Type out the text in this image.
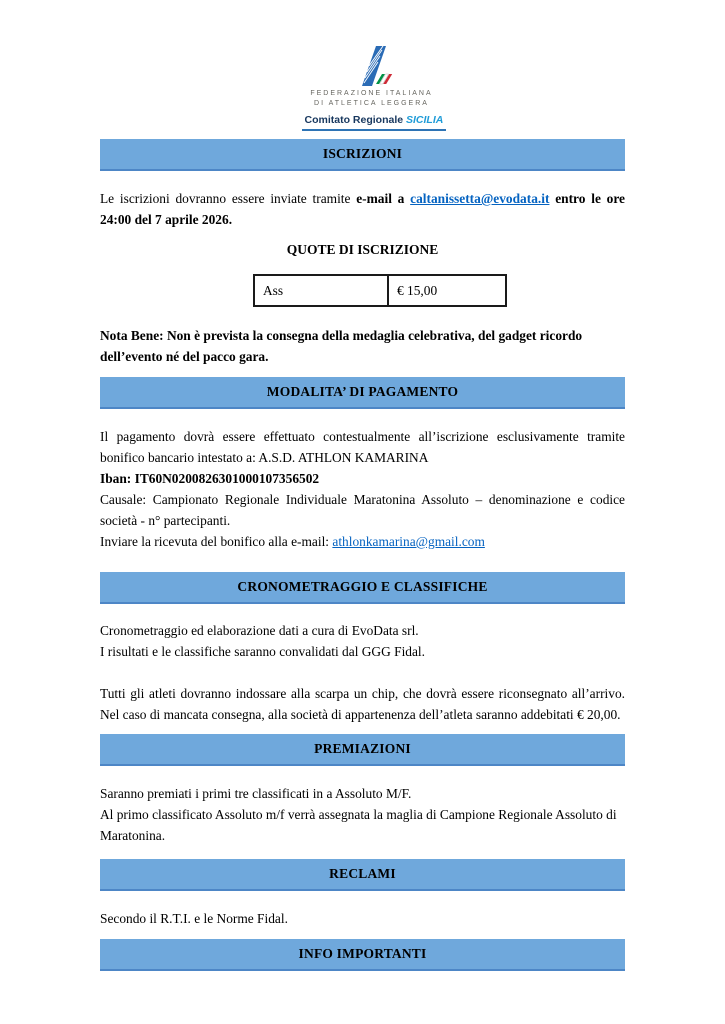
FEDERAZIONE ITALIANA
DI ATLETICA LEGGERA
Comitato Regionale SICILIA
ISCRIZIONI

Le iscrizioni dovranno essere inviate tramite e-mail a caltanissetta@evodata.it entro le ore 24:00 del 7 aprile 2026.

QUOTE DI ISCRIZIONE
Ass	€ 15,00

Nota Bene: Non è prevista la consegna della medaglia celebrativa, del gadget ricordo dell’evento né del pacco gara.

MODALITA’ DI PAGAMENTO

Il pagamento dovrà essere effettuato contestualmente all’iscrizione esclusivamente tramite bonifico bancario intestato a: A.S.D. ATHLON KAMARINA
Iban: IT60N0200826301000107356502
Causale: Campionato Regionale Individuale Maratonina Assoluto – denominazione e codice società - n° partecipanti.
Inviare la ricevuta del bonifico alla e-mail: athlonkamarina@gmail.com

CRONOMETRAGGIO E CLASSIFICHE

Cronometraggio ed elaborazione dati a cura di EvoData srl.
I risultati e le classifiche saranno convalidati dal GGG Fidal.

Tutti gli atleti dovranno indossare alla scarpa un chip, che dovrà essere riconsegnato all’arrivo. Nel caso di mancata consegna, alla società di appartenenza dell’atleta saranno addebitati € 20,00.

PREMIAZIONI

Saranno premiati i primi tre classificati in a Assoluto M/F.
Al primo classificato Assoluto m/f verrà assegnata la maglia di Campione Regionale Assoluto di Maratonina.

RECLAMI

Secondo il R.T.I. e le Norme Fidal.

INFO IMPORTANTI
